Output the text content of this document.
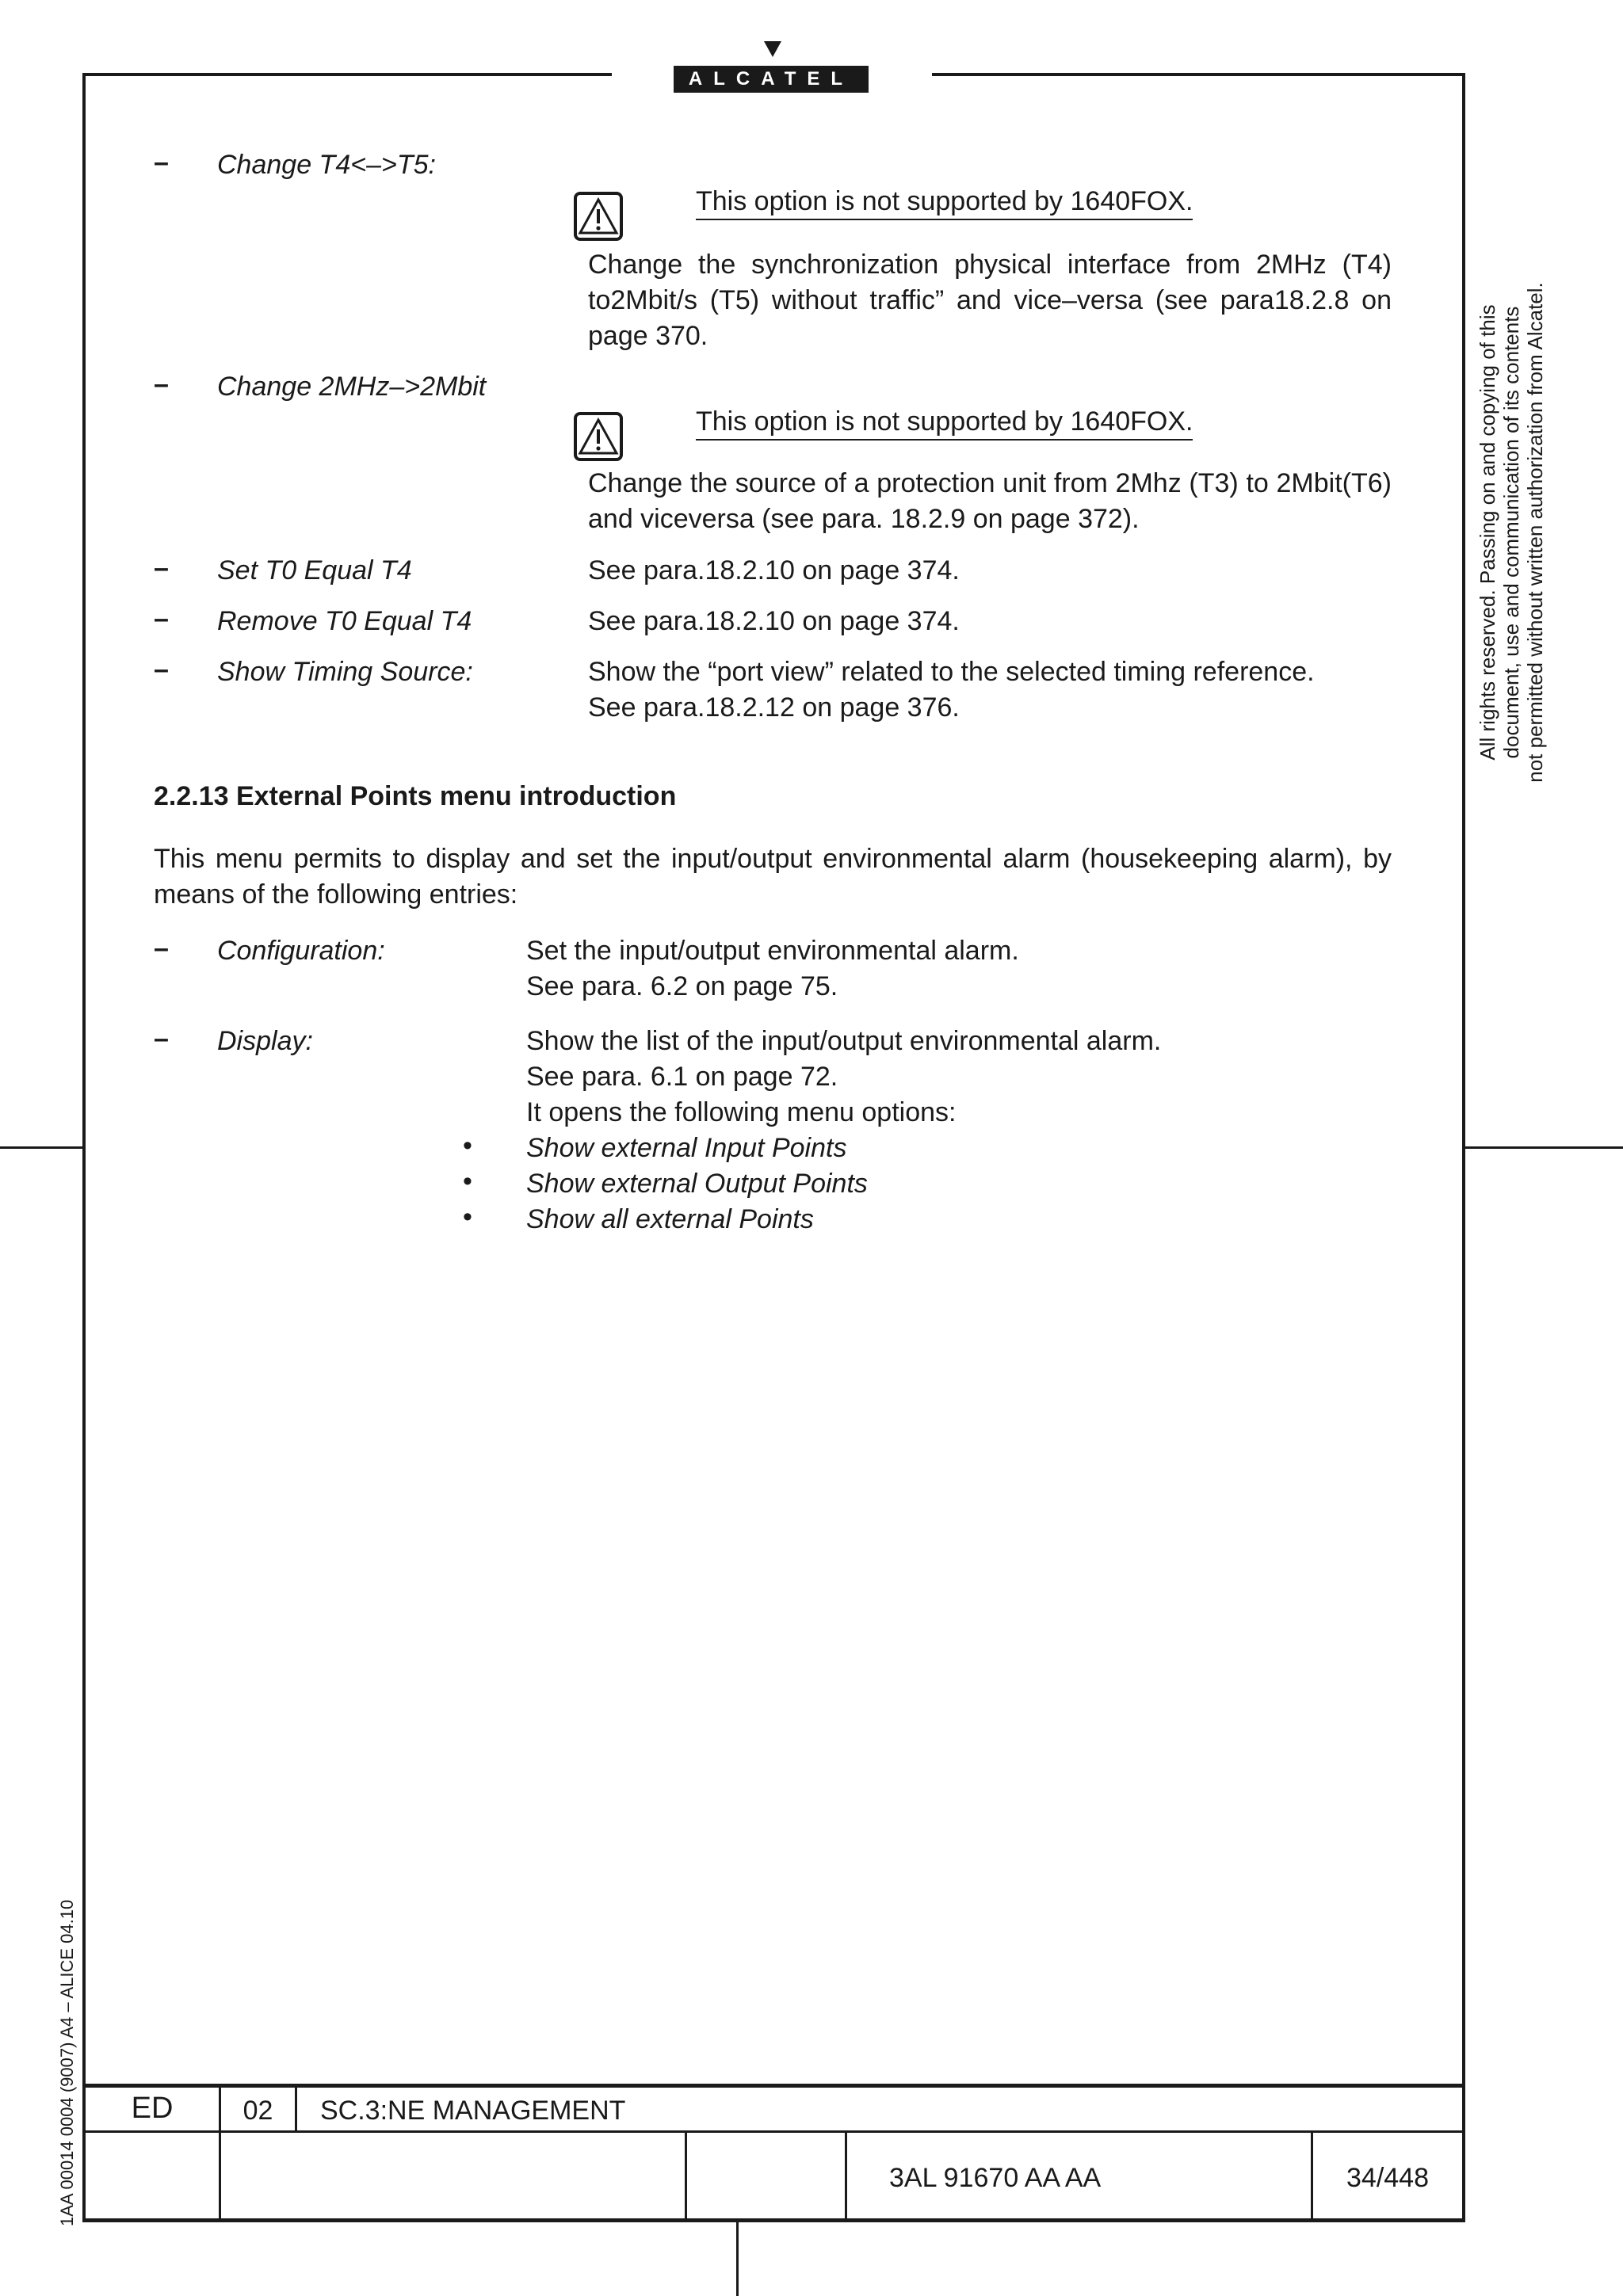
ALCATEL
– Change T4<–>T5:
This option is not supported by 1640FOX.
Change the synchronization physical interface from 2MHz (T4) to2Mbit/s (T5) without traffic” and vice–versa (see para18.2.8 on page 370.
– Change 2MHz–>2Mbit
This option is not supported by 1640FOX.
Change the source of a protection unit from 2Mhz (T3) to 2Mbit(T6) and viceversa (see para. 18.2.9 on page 372).
– Set T0 Equal T4	See para.18.2.10 on page 374.
– Remove T0 Equal T4	See para.18.2.10 on page 374.
– Show Timing Source:	Show the “port view” related to the selected timing reference.
See para.18.2.12 on page 376.
2.2.13 External Points menu introduction
This menu permits to display and set the input/output environmental alarm (housekeeping alarm), by means of the following entries:
– Configuration:	Set the input/output environmental alarm.
See para. 6.2 on page 75.
– Display:	Show the list of the input/output environmental alarm.
See para. 6.1 on page 72.
It opens the following menu options:
• Show external Input Points
• Show external Output Points
• Show all external Points
All rights reserved. Passing on and copying of this document, use and communication of its contents not permitted without written authorization from Alcatel.
1AA 00014 0004 (9007) A4 – ALICE 04.10	ED	02	SC.3:NE MANAGEMENT
3AL 91670 AA AA	34/448
